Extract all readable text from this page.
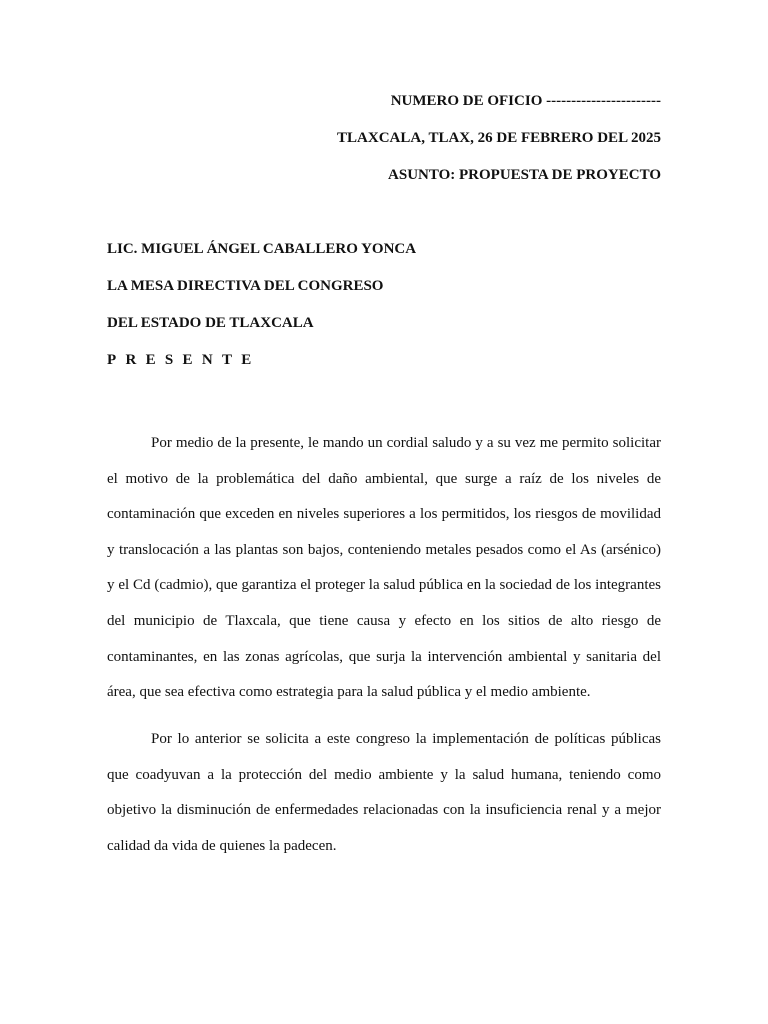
NUMERO DE OFICIO -----------------------
TLAXCALA, TLAX, 26 DE FEBRERO DEL 2025
ASUNTO: PROPUESTA DE PROYECTO
LIC. MIGUEL ÁNGEL CABALLERO YONCA
LA MESA DIRECTIVA DEL CONGRESO
DEL ESTADO DE TLAXCALA
PRESENTE

Por medio de la presente, le mando un cordial saludo y a su vez me permito solicitar el motivo de la problemática del daño ambiental, que surge a raíz de los niveles de contaminación que exceden en niveles superiores a los permitidos, los riesgos de movilidad y translocación a las plantas son bajos, conteniendo metales pesados como el As (arsénico) y el Cd (cadmio), que garantiza el proteger la salud pública en la sociedad de los integrantes del municipio de Tlaxcala, que tiene causa y efecto en los sitios de alto riesgo de contaminantes, en las zonas agrícolas, que surja la intervención ambiental y sanitaria del área, que sea efectiva como estrategia para la salud pública y el medio ambiente.

Por lo anterior se solicita a este congreso la implementación de políticas públicas que coadyuvan a la protección del medio ambiente y la salud humana, teniendo como objetivo la disminución de enfermedades relacionadas con la insuficiencia renal y a mejor calidad da vida de quienes la padecen.
